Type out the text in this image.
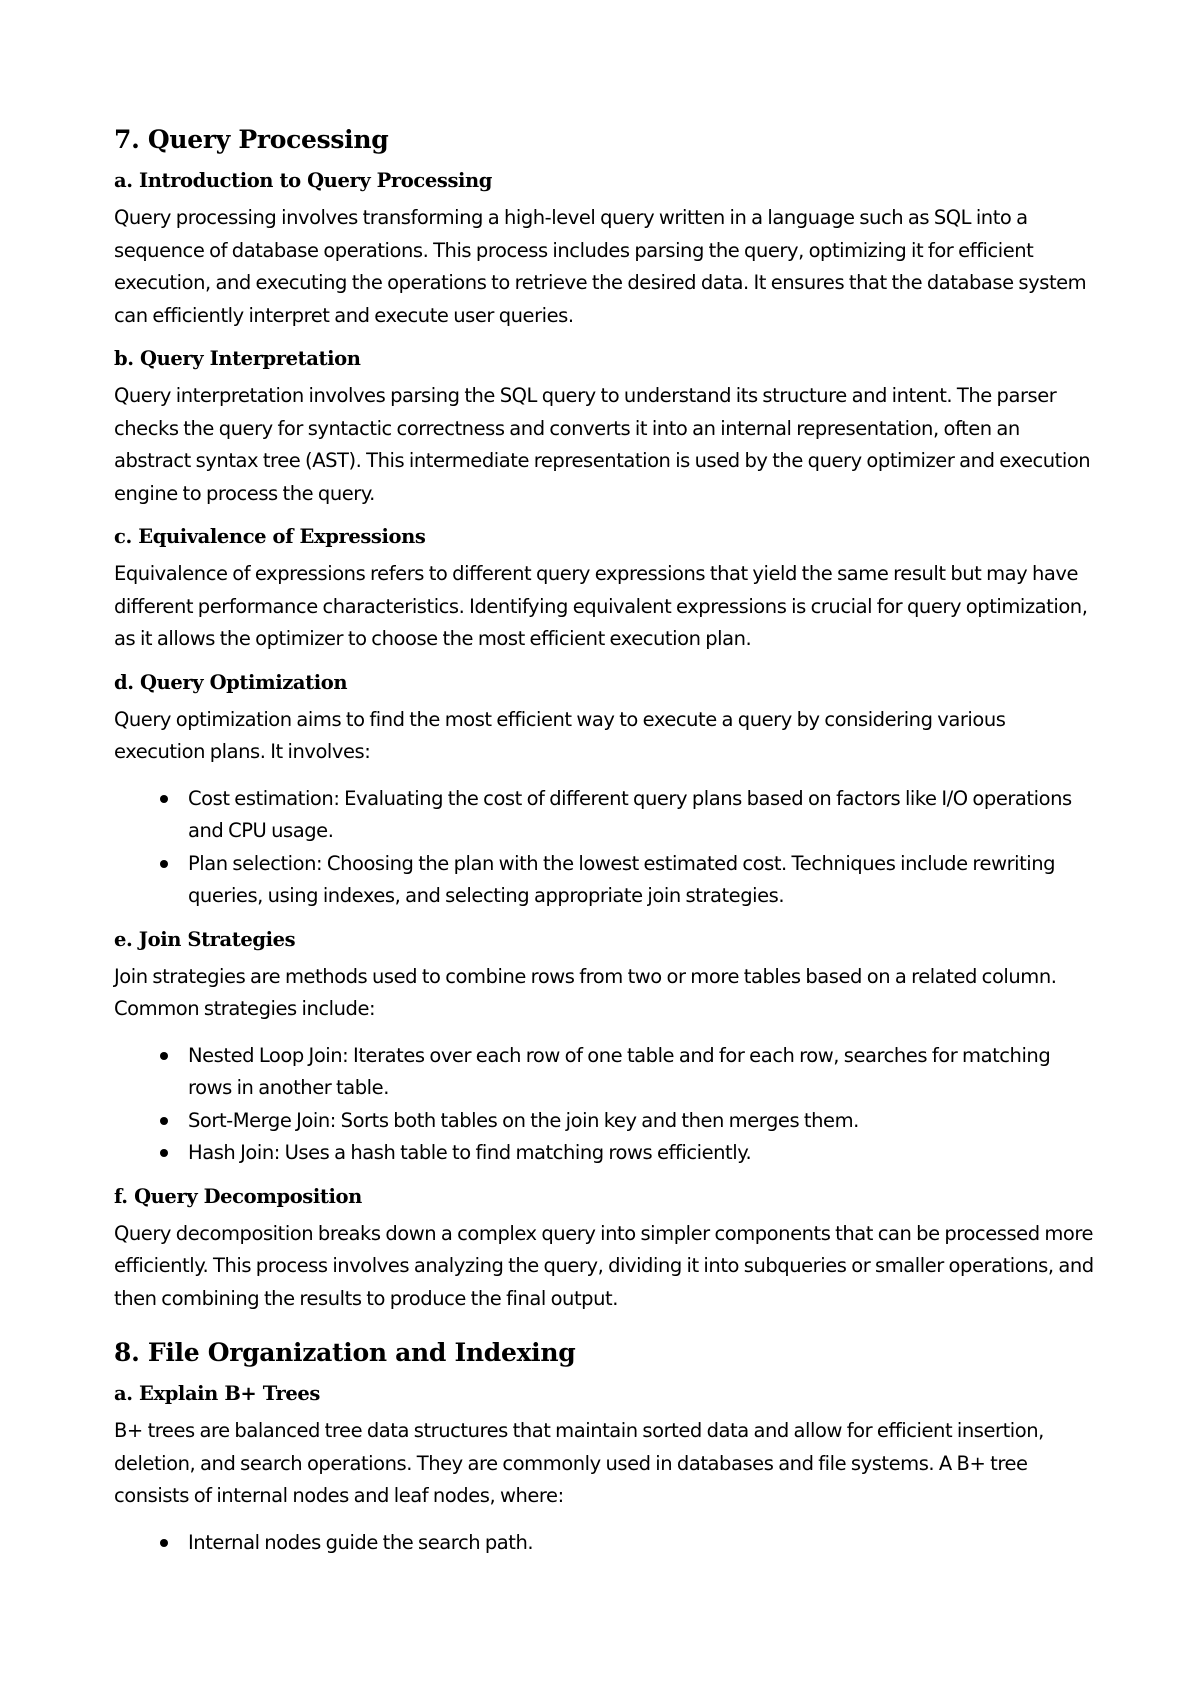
7. Query Processing
a. Introduction to Query Processing

Query processing involves transforming a high-level query written in a language such as SQL into a sequence of database operations. This process includes parsing the query, optimizing it for efficient execution, and executing the operations to retrieve the desired data. It ensures that the database system can efficiently interpret and execute user queries.

b. Query Interpretation

Query interpretation involves parsing the SQL query to understand its structure and intent. The parser checks the query for syntactic correctness and converts it into an internal representation, often an abstract syntax tree (AST). This intermediate representation is used by the query optimizer and execution engine to process the query.

c. Equivalence of Expressions

Equivalence of expressions refers to different query expressions that yield the same result but may have different performance characteristics. Identifying equivalent expressions is crucial for query optimization, as it allows the optimizer to choose the most efficient execution plan.

d. Query Optimization

Query optimization aims to find the most efficient way to execute a query by considering various execution plans. It involves:

Cost estimation: Evaluating the cost of different query plans based on factors like I/O operations and CPU usage.
Plan selection: Choosing the plan with the lowest estimated cost. Techniques include rewriting queries, using indexes, and selecting appropriate join strategies.
e. Join Strategies

Join strategies are methods used to combine rows from two or more tables based on a related column. Common strategies include:

Nested Loop Join: Iterates over each row of one table and for each row, searches for matching rows in another table.
Sort-Merge Join: Sorts both tables on the join key and then merges them.
Hash Join: Uses a hash table to find matching rows efficiently.
f. Query Decomposition

Query decomposition breaks down a complex query into simpler components that can be processed more efficiently. This process involves analyzing the query, dividing it into subqueries or smaller operations, and then combining the results to produce the final output.

8. File Organization and Indexing
a. Explain B+ Trees

B+ trees are balanced tree data structures that maintain sorted data and allow for efficient insertion, deletion, and search operations. They are commonly used in databases and file systems. A B+ tree consists of internal nodes and leaf nodes, where:

Internal nodes guide the search path.
